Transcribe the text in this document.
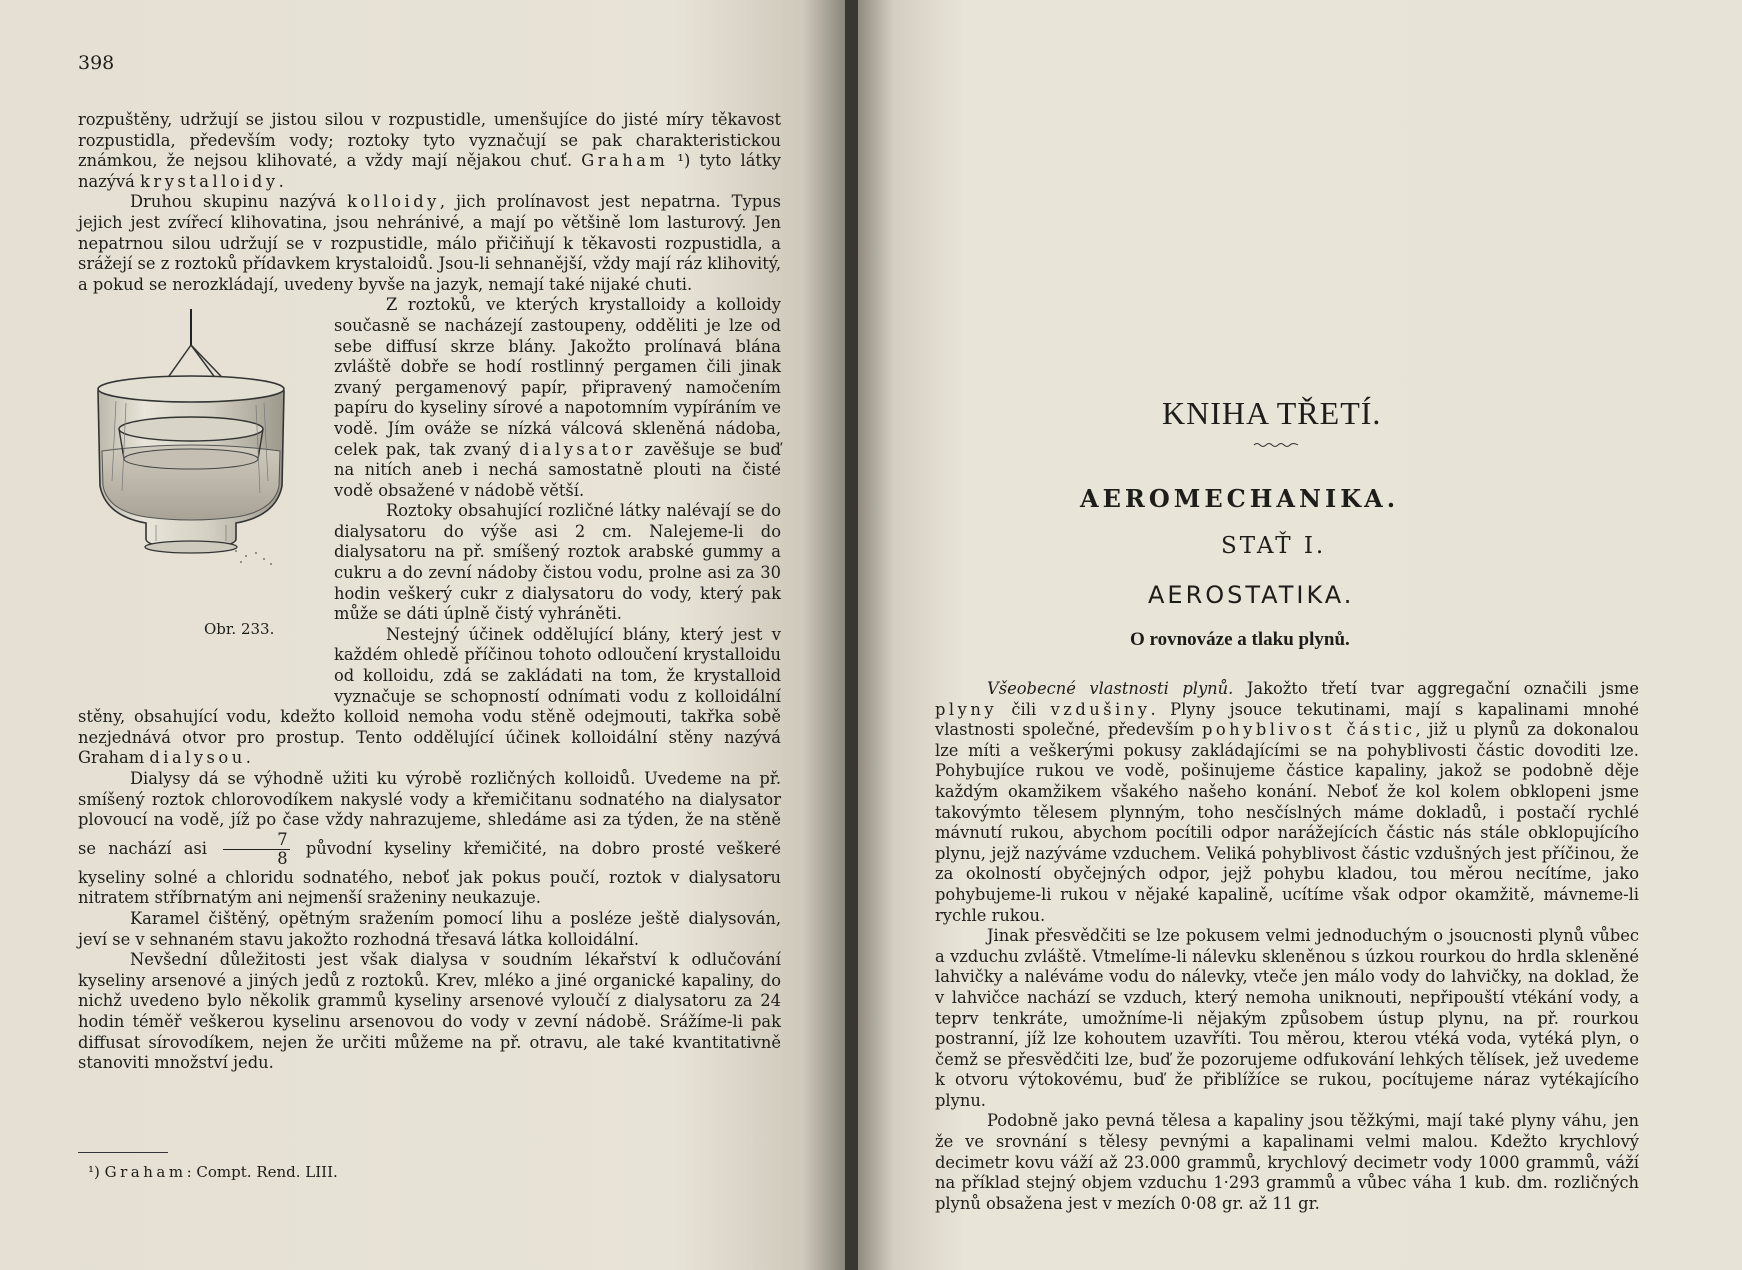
398

rozpuštěny, udržují se jistou silou v rozpustidle, umenšujíce do jisté míry těkavost rozpustidla, především vody; roztoky tyto vyznačují se pak charakteristickou známkou, že nejsou klihovaté, a vždy mají nějakou chuť. Graham ¹) tyto látky nazývá krystalloidy.

Druhou skupinu nazývá kolloidy, jich prolínavost jest nepatrna. Typus jejich jest zvířecí klihovatina, jsou nehránivé, a mají po většině lom lasturový. Jen nepatrnou silou udržují se v rozpustidle, málo přičiňují k těkavosti rozpustidla, a srážejí se z roztoků přídavkem krystaloidů. Jsou-li sehnanější, vždy mají ráz klihovitý, a pokud se nerozkládají, uvedeny byvše na jazyk, nemají také nijaké chuti.

Obr. 233.
Z roztoků, ve kterých krystalloidy a kolloidy současně se nacházejí zastoupeny, odděliti je lze od sebe diffusí skrze blány. Jakožto prolínavá blána zvláště dobře se hodí rostlinný pergamen čili jinak zvaný pergamenový papír, připravený namočením papíru do kyseliny sírové a napotomním vypíráním ve vodě. Jím ováže se nízká válcová skleněná nádoba, celek pak, tak zvaný dialysator zavěšuje se buď na nitích aneb i nechá samostatně plouti na čisté vodě obsažené v nádobě větší.

Roztoky obsahující rozličné látky nalévají se do dialysatoru do výše asi 2 cm. Nalejeme-li do dialysatoru na př. smíšený roztok arabské gummy a cukru a do zevní nádoby čistou vodu, prolne asi za 30 hodin veškerý cukr z dialysatoru do vody, který pak může se dáti úplně čistý vyhráněti.

Nestejný účinek oddělující blány, který jest v každém ohledě příčinou tohoto odloučení krystalloidu od kolloidu, zdá se zakládati na tom, že krystalloid vyznačuje se schopností odnímati vodu z kolloidální stěny, obsahující vodu, kdežto kolloid nemoha vodu stěně odejmouti, takřka sobě nezjednává otvor pro prostup. Tento oddělující účinek kolloidální stěny nazývá Graham dialysou.

Dialysy dá se výhodně užiti ku výrobě rozličných kolloidů. Uvedeme na př. smíšený roztok chlorovodíkem nakyslé vody a křemičitanu sodnatého na dialysator plovoucí na vodě, jíž po čase vždy nahrazujeme, shledáme asi za týden, že na stěně se nachází asi $\frac{7}{8}$ původní kyseliny křemičité, na dobro prosté veškeré kyseliny solné a chloridu sodnatého, neboť jak pokus poučí, roztok v dialysatoru nitratem stříbrnatým ani nejmenší sraženiny neukazuje.

Karamel čištěný, opětným sražením pomocí lihu a posléze ještě dialysován, jeví se v sehnaném stavu jakožto rozhodná třesavá látka kolloidální.

Nevšední důležitosti jest však dialysa v soudním lékařství k odlučování kyseliny arsenové a jiných jedů z roztoků. Krev, mléko a jiné organické kapaliny, do nichž uvedeno bylo několik grammů kyseliny arsenové vyloučí z dialysatoru za 24 hodin téměř veškerou kyselinu arsenovou do vody v zevní nádobě. Srážíme-li pak diffusat sírovodíkem, nejen že určiti můžeme na př. otravu, ale také kvantitativně stanoviti množství jedu.

¹) Graham: Compt. Rend. LIII.
KNIHA TŘETÍ.
AEROMECHANIKA.
STAŤ I.
AEROSTATIKA.
O rovnováze a tlaku plynů.

Všeobecné vlastnosti plynů. Jakožto třetí tvar aggregační označili jsme plyny čili vzdušiny. Plyny jsouce tekutinami, mají s kapalinami mnohé vlastnosti společné, především pohyblivost částic, již u plynů za dokonalou lze míti a veškerými pokusy zakládajícími se na pohyblivosti částic dovoditi lze. Pohybujíce rukou ve vodě, pošinujeme částice kapaliny, jakož se podobně děje každým okamžikem všakého našeho konání. Neboť že kol kolem obklopeni jsme takovýmto tělesem plynným, toho nesčíslných máme dokladů, i postačí rychlé mávnutí rukou, abychom pocítili odpor narážejících částic nás stále obklopujícího plynu, jejž nazýváme vzduchem. Veliká pohyblivost částic vzdušných jest příčinou, že za okolností obyčejných odpor, jejž pohybu kladou, tou měrou necítíme, jako pohybujeme-li rukou v nějaké kapalině, ucítíme však odpor okamžitě, mávneme-li rychle rukou.

Jinak přesvědčiti se lze pokusem velmi jednoduchým o jsoucnosti plynů vůbec a vzduchu zvláště. Vtmelíme-li nálevku skleněnou s úzkou rourkou do hrdla skleněné lahvičky a naléváme vodu do nálevky, vteče jen málo vody do lahvičky, na doklad, že v lahvičce nachází se vzduch, který nemoha uniknouti, nepřipouští vtékání vody, a teprv tenkráte, umožníme-li nějakým způsobem ústup plynu, na př. rourkou postranní, jíž lze kohoutem uzavříti. Tou měrou, kterou vtéká voda, vytéká plyn, o čemž se přesvědčiti lze, buď že pozorujeme odfukování lehkých tělísek, jež uvedeme k otvoru výtokovému, buď že přiblížíce se rukou, pocítujeme náraz vytékajícího plynu.

Podobně jako pevná tělesa a kapaliny jsou těžkými, mají také plyny váhu, jen že ve srovnání s tělesy pevnými a kapalinami velmi malou. Kdežto krychlový decimetr kovu váží až 23.000 grammů, krychlový decimetr vody 1000 grammů, váží na příklad stejný objem vzduchu 1·293 grammů a vůbec váha 1 kub. dm. rozličných plynů obsažena jest v mezích 0·08 gr. až 11 gr.
